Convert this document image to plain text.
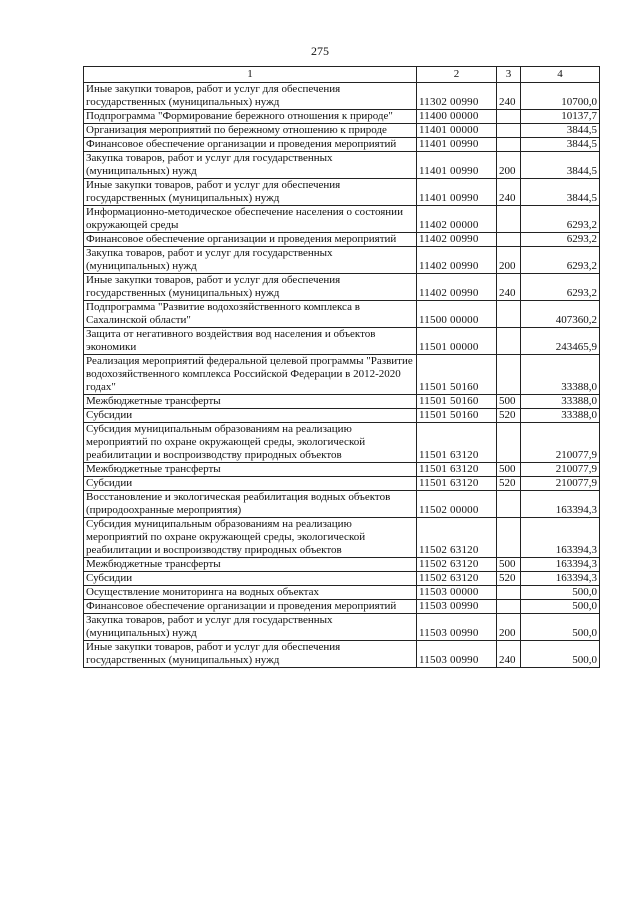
275
1	2	3	4
Иные закупки товаров, работ и услуг для обеспечения государственных (муниципальных) нужд	11302 00990	240	10700,0
Подпрограмма "Формирование бережного отношения к природе"	11400 00000		10137,7
Организация мероприятий по бережному отношению к природе	11401 00000		3844,5
Финансовое обеспечение организации и проведения мероприятий	11401 00990		3844,5
Закупка товаров, работ и услуг для государственных (муниципальных) нужд	11401 00990	200	3844,5
Иные закупки товаров, работ и услуг для обеспечения государственных (муниципальных) нужд	11401 00990	240	3844,5
Информационно-методическое обеспечение населения о состоянии окружающей среды	11402 00000		6293,2
Финансовое обеспечение организации и проведения мероприятий	11402 00990		6293,2
Закупка товаров, работ и услуг для государственных (муниципальных) нужд	11402 00990	200	6293,2
Иные закупки товаров, работ и услуг для обеспечения государственных (муниципальных) нужд	11402 00990	240	6293,2
Подпрограмма "Развитие водохозяйственного комплекса в Сахалинской области"	11500 00000		407360,2
Защита от негативного воздействия вод населения и объектов экономики	11501 00000		243465,9
Реализация мероприятий федеральной целевой программы "Развитие водохозяйственного комплекса Российской Федерации в 2012-2020 годах"	11501 50160		33388,0
Межбюджетные трансферты	11501 50160	500	33388,0
Субсидии	11501 50160	520	33388,0
Субсидия муниципальным образованиям на реализацию мероприятий по охране окружающей среды, экологической реабилитации и воспроизводству природных объектов	11501 63120		210077,9
Межбюджетные трансферты	11501 63120	500	210077,9
Субсидии	11501 63120	520	210077,9
Восстановление и экологическая реабилитация водных объектов (природоохранные мероприятия)	11502 00000		163394,3
Субсидия муниципальным образованиям на реализацию мероприятий по охране окружающей среды, экологической реабилитации и воспроизводству природных объектов	11502 63120		163394,3
Межбюджетные трансферты	11502 63120	500	163394,3
Субсидии	11502 63120	520	163394,3
Осуществление мониторинга на водных объектах	11503 00000		500,0
Финансовое обеспечение организации и проведения мероприятий	11503 00990		500,0
Закупка товаров, работ и услуг для государственных (муниципальных) нужд	11503 00990	200	500,0
Иные закупки товаров, работ и услуг для обеспечения государственных (муниципальных) нужд	11503 00990	240	500,0
